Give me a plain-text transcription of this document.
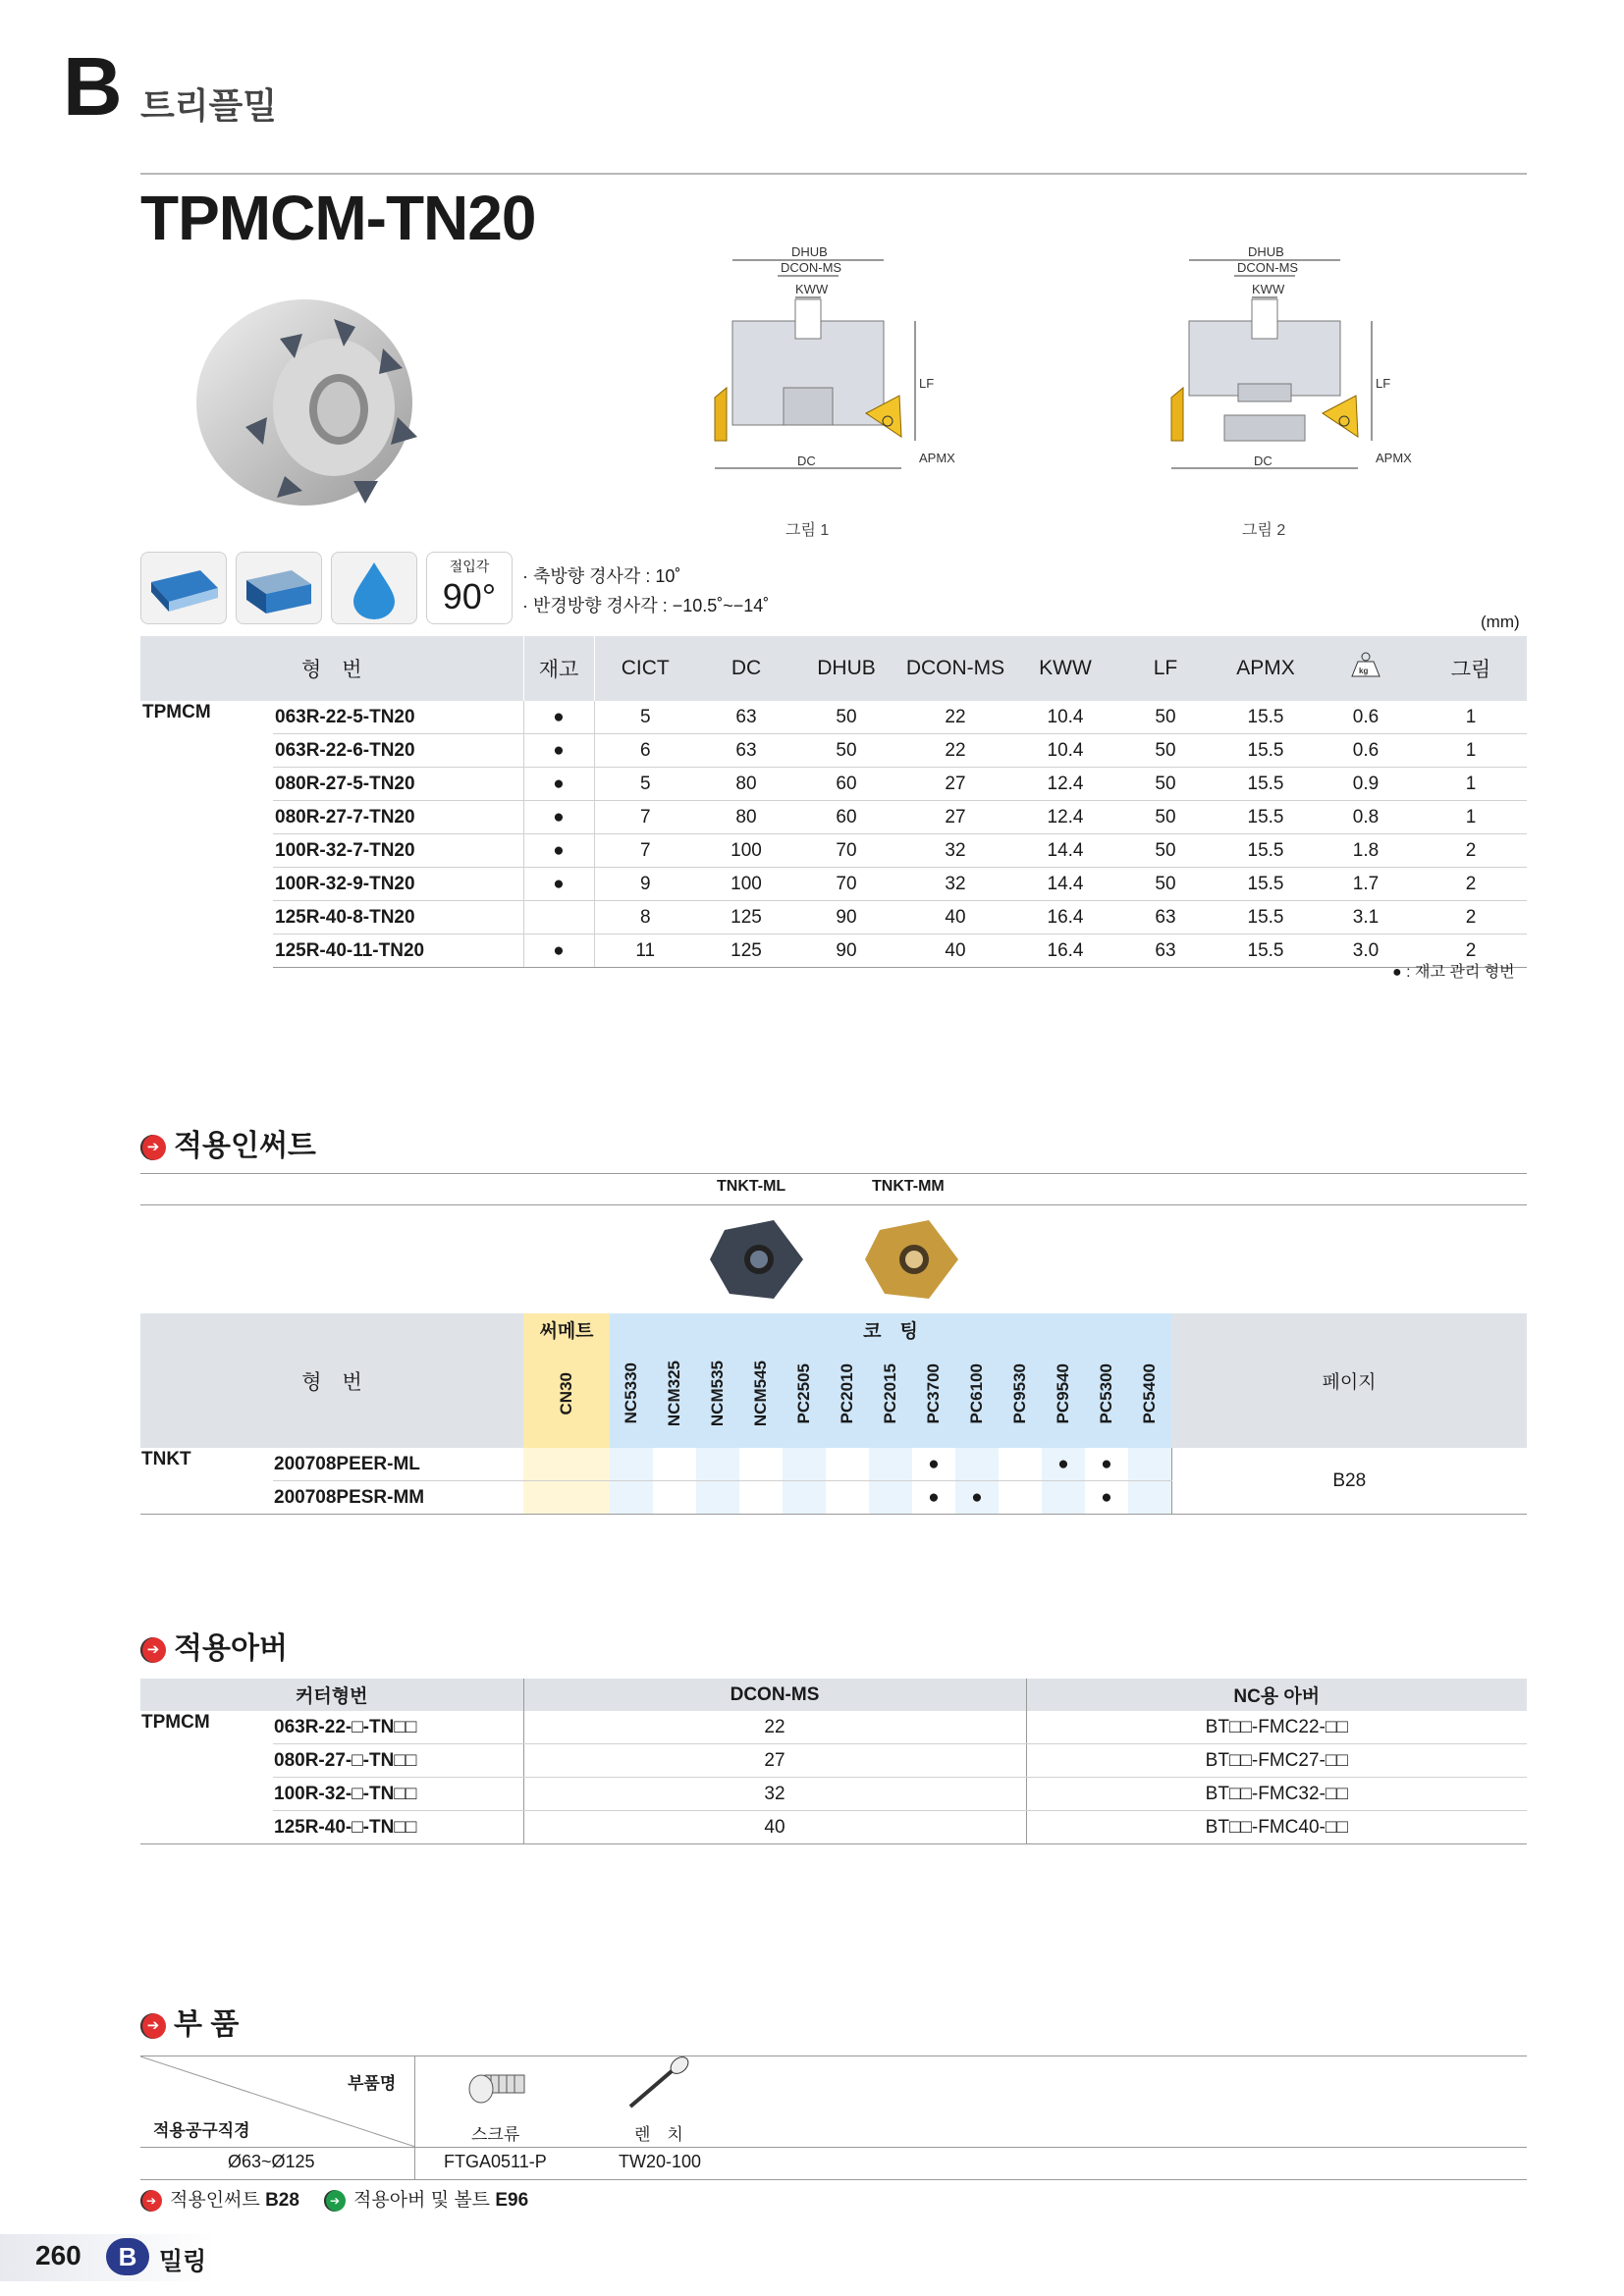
B 트리플밀
TPMCM-TN20	DHUB
DCON-MS
KWW
DC
LF
APMX
그림 1
DHUB
DCON-MS
KWW
DC
LF
APMX
그림 2
절입각
90°	· 축방향 경사각 : 10˚
· 반경방향 경사각 : −10.5˚~−14˚
(mm)
형　번		재고	CICT	DC	DHUB	DCON-MS	KWW	LF	APMX	kg	그림
TPMCM	063R-22-5-TN20	●	5	63	50	22	10.4	50	15.5	0.6	1
	063R-22-6-TN20	●	6	63	50	22	10.4	50	15.5	0.6	1
	080R-27-5-TN20	●	5	80	60	27	12.4	50	15.5	0.9	1
	080R-27-7-TN20	●	7	80	60	27	12.4	50	15.5	0.8	1
	100R-32-7-TN20	●	7	100	70	32	14.4	50	15.5	1.8	2
	100R-32-9-TN20	●	9	100	70	32	14.4	50	15.5	1.7	2
	125R-40-8-TN20		8	125	90	40	16.4	63	15.5	3.1	2
	125R-40-11-TN20	●	11	125	90	40	16.4	63	15.5	3.0	2
● : 재고 관리 형번
➔ 적용인써트
TNKT-ML	TNKT-MM
형　번		써메트	코　팅													페이지
		CN30	NC5330	NCM325	NCM535	NCM545	PC2505	PC2010	PC2015	PC3700	PC6100	PC9530	PC9540	PC5300	PC5400	
TNKT	200708PEER-ML									●			●	●		B28
	200708PESR-MM									●	●			●		
➔ 적용아버
커터형번		DCON-MS	NC용 아버
TPMCM	063R-22-□-TN□□	22	BT□□-FMC22-□□
	080R-27-□-TN□□	27	BT□□-FMC27-□□
	100R-32-□-TN□□	32	BT□□-FMC32-□□
	125R-40-□-TN□□	40	BT□□-FMC40-□□
➔ 부 품
부품명
적용공구직경	스크류	렌　치
Ø63~Ø125	FTGA0511-P	TW20-100
➔ 적용인써트 B28	➔ 적용아버 및 볼트 E96
260	B 밀링
